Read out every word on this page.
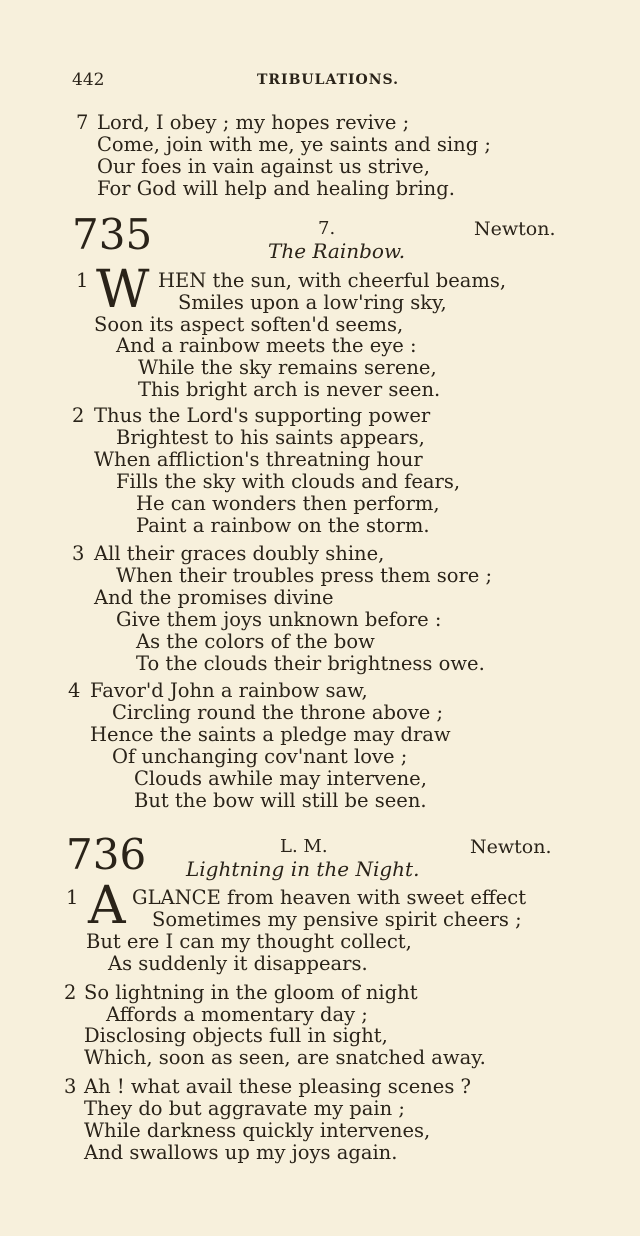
442	TRIBULATIONS.
7 Lord, I obey ; my hopes revive ;
Come, join with me, ye saints and sing ;
Our foes in vain against us strive,
For God will help and healing bring.
735	7.	Newton.
The Rainbow.
1 W HEN the sun, with cheerful beams,
Smiles upon a low'ring sky,
Soon its aspect soften'd seems,
And a rainbow meets the eye :
While the sky remains serene,
This bright arch is never seen.
2 Thus the Lord's supporting power
Brightest to his saints appears,
When affliction's threatning hour
Fills the sky with clouds and fears,
He can wonders then perform,
Paint a rainbow on the storm.
3 All their graces doubly shine,
When their troubles press them sore ;
And the promises divine
Give them joys unknown before :
As the colors of the bow
To the clouds their brightness owe.
4 Favor'd John a rainbow saw,
Circling round the throne above ;
Hence the saints a pledge may draw
Of unchanging cov'nant love ;
Clouds awhile may intervene,
But the bow will still be seen.
736	L. M.	Newton.
Lightning in the Night.
1 A GLANCE from heaven with sweet effect
Sometimes my pensive spirit cheers ;
But ere I can my thought collect,
As suddenly it disappears.
2 So lightning in the gloom of night
Affords a momentary day ;
Disclosing objects full in sight,
Which, soon as seen, are snatched away.
3 Ah ! what avail these pleasing scenes ?
They do but aggravate my pain ;
While darkness quickly intervenes,
And swallows up my joys again.
